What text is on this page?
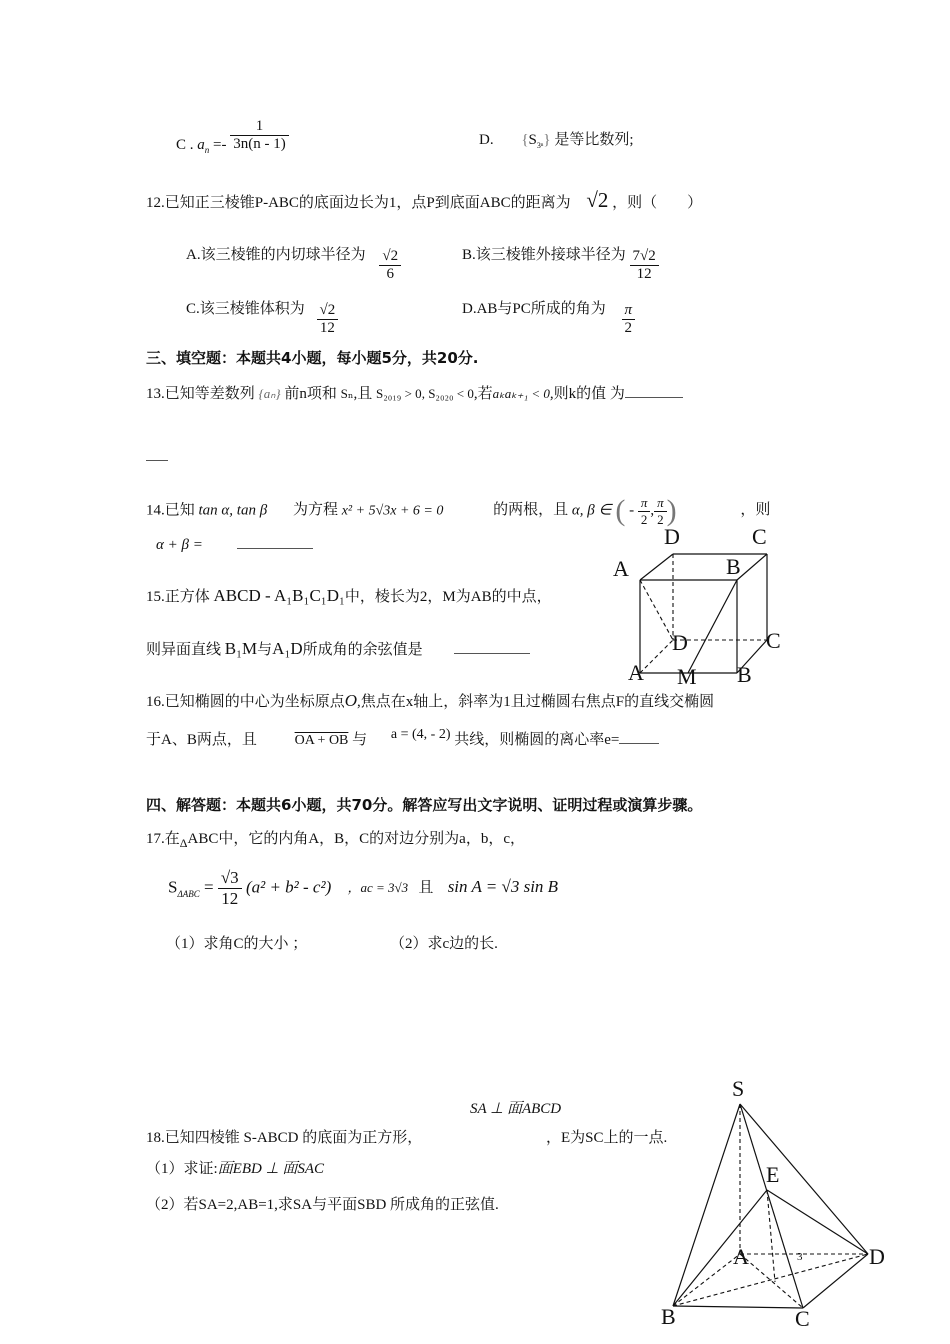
C . $a_n =- \frac{1}{3n(n - 1)}$	D. $\{S_{3^n}\}$ 是等比数列;
12.已知正三棱锥P-ABC的底面边长为1，点P到底面ABC的距离为 √2 ，则（　　）
A.该三棱锥的内切球半径为 $\frac{√2}{6}$	B.该三棱锥外接球半径为 $\frac{7√2}{12}$
C.该三棱锥体积为 $\frac{√2}{12}$	D.AB与PC所成的角为 $\frac{\pi}{2}$
三、填空题：本题共4小题，每小题5分，共20分.
13.已知等差数列 {aₙ} 前n项和 Sₙ,且 S₂₀₁₉ > 0, S₂₀₂₀ < 0,若aₖaₖ₊₁ < 0,则k的值 为
14.已知 tan α, tan β 为方程 x² + 5√3x + 6 = 0	的两根，且 α, β ∈ ( - $\frac{\pi}{2}$ , $\frac{\pi}{2}$ )	，则
α + β =
15.正方体 ABCD - A₁B₁C₁D₁中，棱长为2，M为AB的中点，
则异面直线 B₁M与A₁D所成角的余弦值是
D	C
A	B
D	C
A M B
16.已知椭圆的中心为坐标原点O,焦点在x轴上，斜率为1且过椭圆右焦点F的直线交椭圆
于A、B两点，且	OA + OB 与 a = (4, - 2) 共线，则椭圆的离心率e=
四、解答题：本题共6小题，共70分。解答应写出文字说明、证明过程或演算步骤。
17.在$_\Delta$ABC中，它的内角A，B，C的对边分别为a，b，c，
$S_{\Delta ABC} = \frac{√3}{12} (a^2 + b^2 - c^2)$ ，ac = 3√3 且 sin A = √3 sin B
（1）求角C的大小 ；	（2）求c边的长.
SA ⊥ 面ABCD
18.已知四棱锥 S-ABCD 的底面为正方形，	，E为SC上的一点.
（1）求证:面EBD ⊥ 面SAC
（2）若SA=2,AB=1,求SA与平面SBD 所成角的正弦值.
S
E
A	D
B	C
3
